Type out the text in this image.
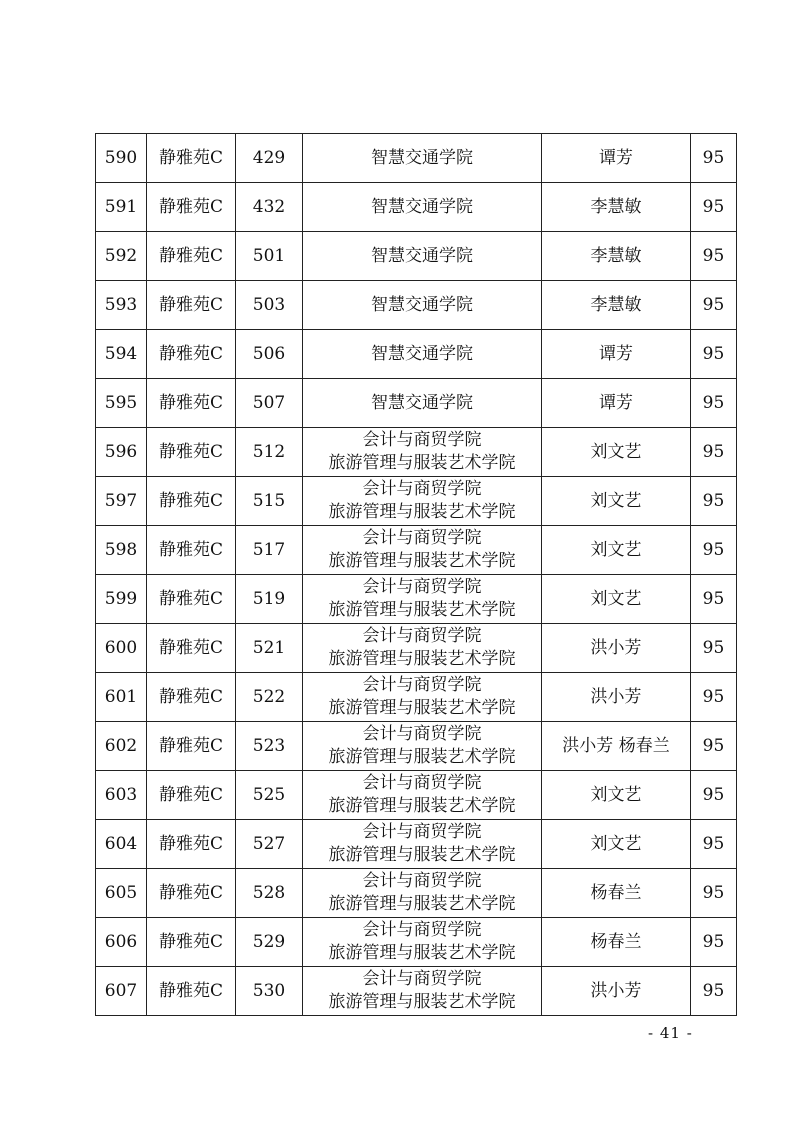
590	静雅苑C	429	智慧交通学院	谭芳	95
591	静雅苑C	432	智慧交通学院	李慧敏	95
592	静雅苑C	501	智慧交通学院	李慧敏	95
593	静雅苑C	503	智慧交通学院	李慧敏	95
594	静雅苑C	506	智慧交通学院	谭芳	95
595	静雅苑C	507	智慧交通学院	谭芳	95
596	静雅苑C	512	会计与商贸学院
旅游管理与服装艺术学院	刘文艺	95
597	静雅苑C	515	会计与商贸学院
旅游管理与服装艺术学院	刘文艺	95
598	静雅苑C	517	会计与商贸学院
旅游管理与服装艺术学院	刘文艺	95
599	静雅苑C	519	会计与商贸学院
旅游管理与服装艺术学院	刘文艺	95
600	静雅苑C	521	会计与商贸学院
旅游管理与服装艺术学院	洪小芳	95
601	静雅苑C	522	会计与商贸学院
旅游管理与服装艺术学院	洪小芳	95
602	静雅苑C	523	会计与商贸学院
旅游管理与服装艺术学院	洪小芳 杨春兰	95
603	静雅苑C	525	会计与商贸学院
旅游管理与服装艺术学院	刘文艺	95
604	静雅苑C	527	会计与商贸学院
旅游管理与服装艺术学院	刘文艺	95
605	静雅苑C	528	会计与商贸学院
旅游管理与服装艺术学院	杨春兰	95
606	静雅苑C	529	会计与商贸学院
旅游管理与服装艺术学院	杨春兰	95
607	静雅苑C	530	会计与商贸学院
旅游管理与服装艺术学院	洪小芳	95
- 41 -
